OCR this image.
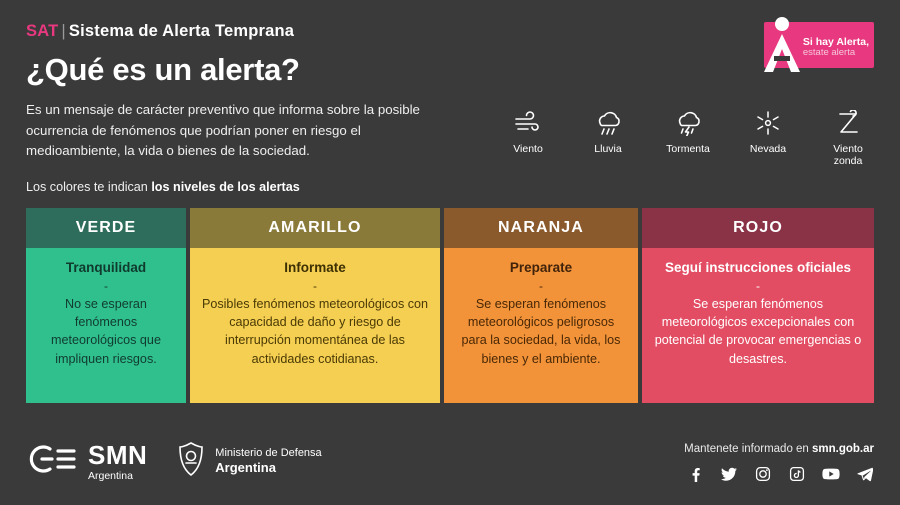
SAT | Sistema de Alerta Temprana
¿Qué es un alerta?
Es un mensaje de carácter preventivo que informa sobre la posible ocurrencia de fenómenos que podrían poner en riesgo el medioambiente, la vida o bienes de la sociedad.
Los colores te indican los niveles de los alertas
Si hay Alerta,
estate alerta
Viento	Lluvia	Tormenta	Nevada	Viento zonda
VERDE
Tranquilidad
-
No se esperan fenómenos meteorológicos que impliquen riesgos.
AMARILLO
Informate
-
Posibles fenómenos meteorológicos con capacidad de daño y riesgo de interrupción momentánea de las actividades cotidianas.
NARANJA
Preparate
-
Se esperan fenómenos meteorológicos peligrosos para la sociedad, la vida, los bienes y el ambiente.
ROJO
Seguí instrucciones oficiales
-
Se esperan fenómenos meteorológicos excepcionales con potencial de provocar emergencias o desastres.
SMN
Argentina
Ministerio de Defensa
Argentina
Mantenete informado en smn.gob.ar
